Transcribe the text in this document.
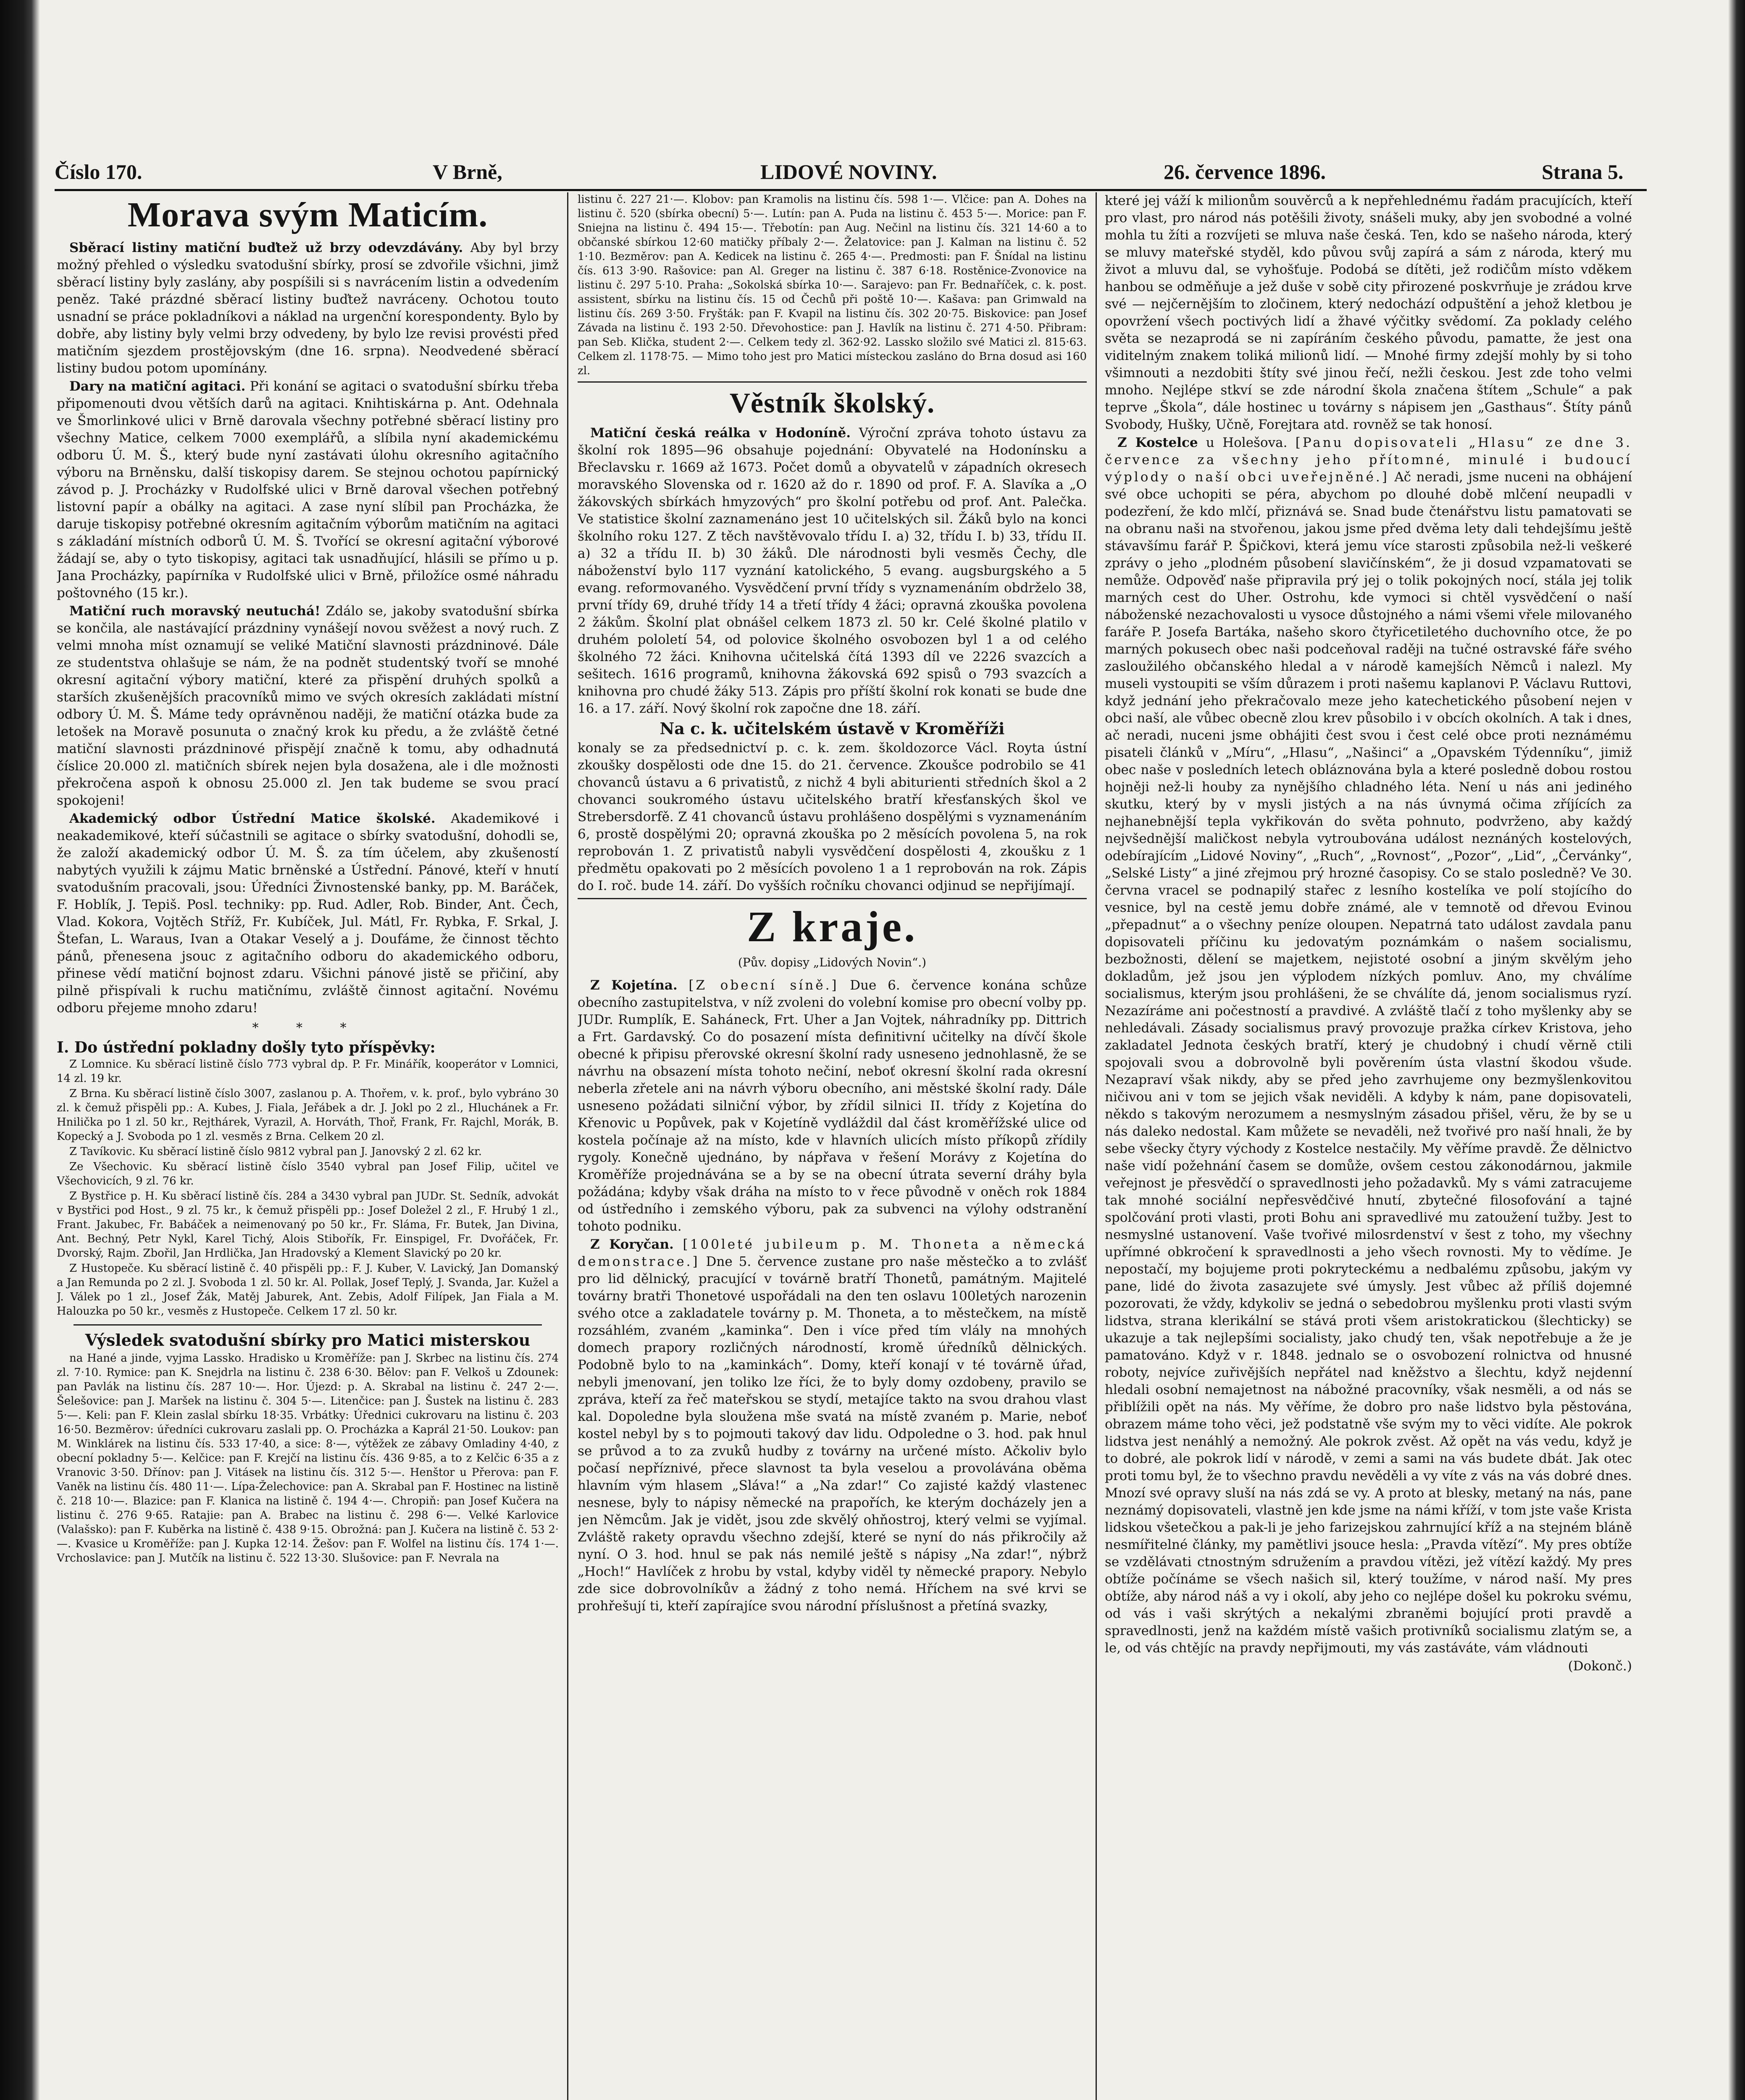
Číslo 170.	V Brně,	LIDOVÉ NOVINY.	26. července 1896.	Strana 5.
Morava svým Maticím.

Sběrací listiny matiční buďtež už brzy odevzdávány. Aby byl brzy možný přehled o výsledku svatodušní sbírky, prosí se zdvořile všichni, jimž sběrací listiny byly zaslány, aby pospíšili si s navrácením listin a odvedením peněz. Také prázdné sběrací listiny buďtež navráceny. Ochotou touto usnadní se práce pokladníkovi a náklad na urgenční korespondenty. Bylo by dobře, aby listiny byly velmi brzy odvedeny, by bylo lze revisi provésti před matičním sjezdem prostějovským (dne 16. srpna). Neodvedené sběrací listiny budou potom upomínány.

Dary na matiční agitaci. Při konání se agitaci o svatodušní sbírku třeba připomenouti dvou větších darů na agitaci. Knihtiskárna p. Ant. Odehnala ve Šmorlinkové ulici v Brně darovala všechny potřebné sběrací listiny pro všechny Matice, celkem 7000 exemplářů, a slíbila nyní akademickému odboru Ú. M. Š., který bude nyní zastávati úlohu okresního agitačního výboru na Brněnsku, další tiskopisy darem. Se stejnou ochotou papírnický závod p. J. Procházky v Rudolfské ulici v Brně daroval všechen potřebný listovní papír a obálky na agitaci. A zase nyní slíbil pan Procházka, že daruje tiskopisy potřebné okresním agitačním výborům matičním na agitaci s základání místních odborů Ú. M. Š. Tvořící se okresní agitační výborové žádají se, aby o tyto tiskopisy, agitaci tak usnadňující, hlásili se přímo u p. Jana Procházky, papírníka v Rudolfské ulici v Brně, přiložíce osmé náhradu poštovného (15 kr.).

Matiční ruch moravský neutuchá! Zdálo se, jakoby svatodušní sbírka se končila, ale nastávající prázdniny vynášejí novou svěžest a nový ruch. Z velmi mnoha míst oznamují se veliké Matiční slavnosti prázdninové. Dále ze studentstva ohlašuje se nám, že na podnět studentský tvoří se mnohé okresní agitační výbory matiční, které za přispění druhých spolků a starších zkušenějších pracovníků mimo ve svých okresích zakládati místní odbory Ú. M. Š. Máme tedy oprávněnou naději, že matiční otázka bude za letošek na Moravě posunuta o značný krok ku předu, a že zvláště četné matiční slavnosti prázdninové přispějí značně k tomu, aby odhadnutá číslice 20.000 zl. matičních sbírek nejen byla dosažena, ale i dle možnosti překročena aspoň k obnosu 25.000 zl. Jen tak budeme se svou prací spokojeni!

Akademický odbor Ústřední Matice školské. Akademikové i neakademikové, kteří súčastnili se agitace o sbírky svatodušní, dohodli se, že založí akademický odbor Ú. M. Š. za tím účelem, aby zkušeností nabytých využili k zájmu Matic brněnské a Ústřední. Pánové, kteří v hnutí svatodušním pracovali, jsou: Úředníci Živnostenské banky, pp. M. Baráček, F. Hoblík, J. Tepiš. Posl. techniky: pp. Rud. Adler, Rob. Binder, Ant. Čech, Vlad. Kokora, Vojtěch Stříž, Fr. Kubíček, Jul. Mátl, Fr. Rybka, F. Srkal, J. Štefan, L. Waraus, Ivan a Otakar Veselý a j. Doufáme, že činnost těchto pánů, přenesena jsouc z agitačního odboru do akademického odboru, přinese vědí matiční bojnost zdaru. Všichni pánové jistě se přičiní, aby pilně přispívali k ruchu matičnímu, zvláště činnost agitační. Novému odboru přejeme mnoho zdaru!

* * *

I. Do ústřední pokladny došly tyto příspěvky:

Z Lomnice. Ku sběrací listině číslo 773 vybral dp. P. Fr. Minářík, kooperátor v Lomnici, 14 zl. 19 kr.

Z Brna. Ku sběrací listině číslo 3007, zaslanou p. A. Thořem, v. k. prof., bylo vybráno 30 zl. k čemuž přispěli pp.: A. Kubes, J. Fiala, Jeřábek a dr. J. Jokl po 2 zl., Hluchánek a Fr. Hnilička po 1 zl. 50 kr., Rejthárek, Vyrazil, A. Horváth, Thoř, Frank, Fr. Rajchl, Morák, B. Kopecký a J. Svoboda po 1 zl. vesměs z Brna. Celkem 20 zl.

Z Tavíkovic. Ku sběrací listině číslo 9812 vybral pan J. Janovský 2 zl. 62 kr.

Ze Všechovic. Ku sběrací listině číslo 3540 vybral pan Josef Filip, učitel ve Všechovicích, 9 zl. 76 kr.

Z Bystřice p. H. Ku sběrací listině čís. 284 a 3430 vybral pan JUDr. St. Sedník, advokát v Bystřici pod Host., 9 zl. 75 kr., k čemuž přispěli pp.: Josef Doležel 2 zl., F. Hrubý 1 zl., Frant. Jakubec, Fr. Babáček a neimenovaný po 50 kr., Fr. Sláma, Fr. Butek, Jan Divina, Ant. Bechný, Petr Nykl, Karel Tichý, Alois Stibořík, Fr. Einspigel, Fr. Dvořáček, Fr. Dvorský, Rajm. Zbořil, Jan Hrdlička, Jan Hradovský a Klement Slavický po 20 kr.

Z Hustopeče. Ku sběrací listině č. 40 přispěli pp.: F. J. Kuber, V. Lavický, Jan Domanský a Jan Remunda po 2 zl. J. Svoboda 1 zl. 50 kr. Al. Pollak, Josef Teplý, J. Svanda, Jar. Kužel a J. Válek po 1 zl., Josef Žák, Matěj Jaburek, Ant. Zebis, Adolf Filípek, Jan Fiala a M. Halouzka po 50 kr., vesměs z Hustopeče. Celkem 17 zl. 50 kr.

Výsledek svatodušní sbírky pro Matici misterskou

na Hané a jinde, vyjma Lassko. Hradisko u Kroměříže: pan J. Skrbec na listinu čís. 274 zl. 7·10. Rymice: pan K. Snejdrla na listinu č. 238 6·30. Bělov: pan F. Velkoš u Zdounek: pan Pavlák na listinu čís. 287 10·—. Hor. Újezd: p. A. Skrabal na listinu č. 247 2·—. Šelešovice: pan J. Maršek na listinu č. 304 5·—. Litenčice: pan J. Šustek na listinu č. 283 5·—. Keli: pan F. Klein zaslal sbírku 18·35. Vrbátky: Úřednici cukrovaru na listinu č. 203 16·50. Bezměrov: úředníci cukrovaru zaslali pp. O. Procházka a Kaprál 21·50. Loukov: pan M. Winklárek na listinu čís. 533 17·40, a sice: 8·—, výtěžek ze zábavy Omladiny 4·40, z obecní pokladny 5·—. Kelčice: pan F. Krejčí na listinu čís. 436 9·85, a to z Kelčic 6·35 a z Vranovic 3·50. Dřínov: pan J. Vitásek na listinu čís. 312 5·—. Henštor u Přerova: pan F. Vaněk na listinu čís. 480 11·—. Lípa-Želechovice: pan A. Skrabal pan F. Hostinec na listině č. 218 10·—. Blazice: pan F. Klanica na listině č. 194 4·—. Chropiň: pan Josef Kučera na listinu č. 276 9·65. Ratajie: pan A. Brabec na listinu č. 298 6·—. Velké Karlovice (Valašsko): pan F. Kuběrka na listině č. 438 9·15. Obrožná: pan J. Kučera na listině č. 53 2·—. Kvasice u Kroměříže: pan J. Kupka 12·14. Žešov: pan F. Wolfel na listinu čís. 174 1·—. Vrchoslavice: pan J. Mutčík na listinu č. 522 13·30. Slušovice: pan F. Nevrala na

listinu č. 227 21·—. Klobov: pan Kramolis na listinu čís. 598 1·—. Vlčice: pan A. Dohes na listinu č. 520 (sbírka obecní) 5·—. Lutín: pan A. Puda na listinu č. 453 5·—. Morice: pan F. Sniejna na listinu č. 494 15·—. Třebotín: pan Aug. Nečinl na listinu čís. 321 14·60 a to občanské sbírkou 12·60 matičky příbaly 2·—. Želatovice: pan J. Kalman na listinu č. 52 1·10. Bezměrov: pan A. Kedicek na listinu č. 265 4·—. Predmosti: pan F. Šnídal na listinu čís. 613 3·90. Rašovice: pan Al. Greger na listinu č. 387 6·18. Rostěnice-Zvonovice na listinu č. 297 5·10. Praha: „Sokolská sbírka 10·—. Sarajevo: pan Fr. Bednaříček, c. k. post. assistent, sbírku na listinu čís. 15 od Čechů při poště 10·—. Kašava: pan Grimwald na listinu čís. 269 3·50. Fryšták: pan F. Kvapil na listinu čís. 302 20·75. Biskovice: pan Josef Závada na listinu č. 193 2·50. Dřevohostice: pan J. Havlík na listinu č. 271 4·50. Přibram: pan Seb. Klička, student 2·—. Celkem tedy zl. 362·92. Lassko složilo své Matici zl. 815·63. Celkem zl. 1178·75. — Mimo toho jest pro Matici místeckou zasláno do Brna dosud asi 160 zl.

Věstník školský.

Matiční česká reálka v Hodoníně. Výroční zpráva tohoto ústavu za školní rok 1895—96 obsahuje pojednání: Obyvatelé na Hodonínsku a Břeclavsku r. 1669 až 1673. Počet domů a obyvatelů v západních okresech moravského Slovenska od r. 1620 až do r. 1890 od prof. F. A. Slavíka a „O žákovských sbírkách hmyzových“ pro školní potřebu od prof. Ant. Palečka. Ve statistice školní zaznamenáno jest 10 učitelských sil. Žáků bylo na konci školního roku 127. Z těch navštěvovalo třídu I. a) 32, třídu I. b) 33, třídu II. a) 32 a třídu II. b) 30 žáků. Dle národnosti byli vesměs Čechy, dle náboženství bylo 117 vyznání katolického, 5 evang. augsburgského a 5 evang. reformovaného. Vysvědčení první třídy s vyznamenáním obdrželo 38, první třídy 69, druhé třídy 14 a třetí třídy 4 žáci; opravná zkouška povolena 2 žákům. Školní plat obnášel celkem 1873 zl. 50 kr. Celé školné platilo v druhém pololetí 54, od polovice školného osvobozen byl 1 a od celého školného 72 žáci. Knihovna učitelská čítá 1393 díl ve 2226 svazcích a sešitech. 1616 programů, knihovna žákovská 692 spisů o 793 svazcích a knihovna pro chudé žáky 513. Zápis pro příští školní rok konati se bude dne 16. a 17. září. Nový školní rok započne dne 18. září.

Na c. k. učitelském ústavě v Kroměříži

konaly se za předsednictví p. c. k. zem. školdozorce Václ. Royta ústní zkoušky dospělosti ode dne 15. do 21. července. Zkoušce podrobilo se 41 chovanců ústavu a 6 privatistů, z nichž 4 byli abiturienti středních škol a 2 chovanci soukromého ústavu učitelského bratří křesťanských škol ve Strebersdorfě. Z 41 chovanců ústavu prohlášeno dospělými s vyznamenáním 6, prostě dospělými 20; opravná zkouška po 2 měsících povolena 5, na rok reprobován 1. Z privatistů nabyli vysvědčení dospělosti 4, zkoušku z 1 předmětu opakovati po 2 měsících povoleno 1 a 1 reprobován na rok. Zápis do I. roč. bude 14. září. Do vyšších ročníku chovanci odjinud se nepřijímají.

Z kraje.
(Pův. dopisy „Lidových Novin“.)

Z Kojetína. [Z obecní síně.] Due 6. července konána schůze obecního zastupitelstva, v níž zvoleni do volební komise pro obecní volby pp. JUDr. Rumplík, E. Saháneck, Frt. Uher a Jan Vojtek, náhradníky pp. Dittrich a Frt. Gardavský. Co do posazení místa definitivní učitelky na dívčí škole obecné k připisu přerovské okresní školní rady usneseno jednohlasně, že se návrhu na obsazení místa tohoto nečiní, neboť okresní školní rada okresní neberla zřetele ani na návrh výboru obecního, ani městské školní rady. Dále usneseno požádati silniční výbor, by zřídil silnici II. třídy z Kojetína do Křenovic u Popůvek, pak v Kojetíně vydláždil dal část kroměřížské ulice od kostela počínaje až na místo, kde v hlavních ulicích místo příkopů zřídily rygoly. Konečně ujednáno, by nápřava v řešení Morávy z Kojetína do Kroměříže projednávána se a by se na obecní útrata severní dráhy byla požádána; kdyby však dráha na místo to v řece původně v oněch rok 1884 od ústředního i zemského výboru, pak za subvenci na výlohy odstranění tohoto podniku.

Z Koryčan. [100leté jubileum p. M. Thoneta a německá demonstrace.] Dne 5. července zustane pro naše městečko a to zvlášť pro lid dělnický, pracující v továrně bratří Thonetů, památným. Majitelé továrny bratři Thonetové uspořádali na den ten oslavu 100letých narozenin svého otce a zakladatele továrny p. M. Thoneta, a to městečkem, na místě rozsáhlém, zvaném „kaminka“. Den i více před tím vlály na mnohých domech prapory rozličných národností, kromě úředníků dělnických. Podobně bylo to na „kaminkách“. Domy, kteří konají v té továrně úřad, nebyli jmenovaní, jen toliko lze říci, že to byly domy ozdobeny, pravilo se zpráva, kteří za řeč mateřskou se stydí, metajíce takto na svou drahou vlast kal. Dopoledne byla sloužena mše svatá na místě zvaném p. Marie, neboť kostel nebyl by s to pojmouti takový dav lidu. Odpoledne o 3. hod. pak hnul se průvod a to za zvuků hudby z továrny na určené místo. Ačkoliv bylo počasí nepříznivé, přece slavnost ta byla veselou a provolávána oběma hlavním vým hlasem „Sláva!“ a „Na zdar!“ Co zajisté každý vlastenec nesnese, byly to nápisy německé na prapořích, ke kterým docházely jen a jen Němcům. Jak je vidět, jsou zde skvělý ohňostroj, který velmi se vyjímal. Zvláště rakety opravdu všechno zdejší, které se nyní do nás přikročily až nyní. O 3. hod. hnul se pak nás nemilé ještě s nápisy „Na zdar!“, nýbrž „Hoch!“ Havlíček z hrobu by vstal, kdyby viděl ty německé prapory. Nebylo zde sice dobrovolníkův a žádný z toho nemá. Hříchem na své krvi se prohřešují ti, kteří zapírajíce svou národní příslušnost a přetíná svazky,

které jej váží k milionům souvěrců a k nepřehlednému řadám pracujících, kteří pro vlast, pro národ nás potěšili životy, snášeli muky, aby jen svobodné a volné mohla tu žíti a rozvíjeti se mluva naše česká. Ten, kdo se našeho národa, který se mluvy mateřské styděl, kdo půvou svůj zapírá a sám z národa, který mu život a mluvu dal, se vyhošťuje. Podobá se dítěti, jež rodičům místo vděkem hanbou se odměňuje a jež duše v sobě city přirozené poskvrňuje je zrádou krve své — nejčernějším to zločinem, který nedochází odpuštění a jehož kletbou je opovržení všech poctivých lidí a žhavé výčitky svědomí. Za poklady celého světa se nezaprodá se ni zapíráním českého původu, pamatte, že jest ona viditelným znakem toliká milionů lidí. — Mnohé firmy zdejší mohly by si toho všimnouti a nezdobiti štíty své jinou řečí, nežli českou. Jest zde toho velmi mnoho. Nejlépe stkví se zde národní škola značena štítem „Schule“ a pak teprve „Škola“, dále hostinec u továrny s nápisem jen „Gasthaus“. Štíty pánů Svobody, Hušky, Učně, Forejtara atd. rovněž se tak honosí.

Z Kostelce u Holešova. [Panu dopisovateli „Hlasu“ ze dne 3. července za všechny jeho přítomné, minulé i budoucí výplody o naší obci uveřejněné.] Ač neradi, jsme nuceni na obhájení své obce uchopiti se péra, abychom po dlouhé době mlčení neupadli v podezření, že kdo mlčí, přiznává se. Snad bude čtenářstvu listu pamatovati se na obranu naši na stvořenou, jakou jsme před dvěma lety dali tehdejšímu ještě stávavšímu farář P. Špičkovi, která jemu více starosti způsobila než-li veškeré zprávy o jeho „plodném působení slavičínském“, že ji dosud vzpamatovati se nemůže. Odpověď naše připravila prý jej o tolik pokojných nocí, stála jej tolik marných cest do Uher. Ostrohu, kde vymoci si chtěl vysvědčení o naší náboženské nezachovalosti u vysoce důstojného a námi všemi vřele milovaného faráře P. Josefa Bartáka, našeho skoro čtyřicetiletého duchovního otce, že po marných pokusech obec naši podceňoval raději na tučné ostravské fáře svého zasloužilého občanského hledal a v národě kamejších Němců i nalezl. My museli vystoupiti se vším důrazem i proti našemu kaplanovi P. Václavu Ruttovi, když jednání jeho překračovalo meze jeho katechetického působení nejen v obci naší, ale vůbec obecně zlou krev působilo i v obcích okolních. A tak i dnes, ač neradi, nuceni jsme obhájiti čest svou i čest celé obce proti neznámému pisateli článků v „Míru“, „Hlasu“, „Našinci“ a „Opavském Týdenníku“, jimiž obec naše v posledních letech obláznována byla a které posledně dobou rostou hojněji než-li houby za nynějšího chladného léta. Není u nás ani jediného skutku, který by v mysli jistých a na nás úvnymá očima zříjících za nejhanebnější tepla vykřikován do světa pohnuto, podvrženo, aby každý nejvšednější maličkost nebyla vytroubována událost neznáných kostelových, odebírajícím „Lidové Noviny“, „Ruch“, „Rovnost“, „Pozor“, „Lid“, „Červánky“, „Selské Listy“ a jiné zřejmou prý hrozné časopisy. Co se stalo posledně? Ve 30. června vracel se podnapilý stařec z lesního kostelíka ve polí stojícího do vesnice, byl na cestě jemu dobře známé, ale v temnotě od dřevou Evinou „přepadnut“ a o všechny peníze oloupen. Nepatrná tato událost zavdala panu dopisovateli příčinu ku jedovatým poznámkám o našem socialismu, bezbožnosti, dělení se majetkem, nejistoté osobní a jiným skvělým jeho dokladům, jež jsou jen výplodem nízkých pomluv. Ano, my chválíme socialismus, kterým jsou prohlášeni, že se chválíte dá, jenom socialismus ryzí. Nezazíráme ani počestností a pravdivé. A zvláště tlačí z toho myšlenky aby se nehledávali. Zásady socialismus pravý provozuje pražka církev Kristova, jeho zakladatel Jednota českých bratří, který je chudobný i chudí věrně ctili spojovali svou a dobrovolně byli pověrením ústa vlastní škodou všude. Nezapraví však nikdy, aby se před jeho zavrhujeme ony bezmyšlenkovitou ničivou ani v tom se jejich však neviděli. A kdyby k nám, pane dopisovateli, někdo s takovým nerozumem a nesmyslným zásadou přišel, věru, že by se u nás daleko nedostal. Kam můžete se nevaděli, než tvořivé pro naší hnali, že by sebe všecky čtyry východy z Kostelce nestačily. My věříme pravdě. Že dělnictvo naše vidí požehnání časem se domůže, ovšem cestou zákonodárnou, jakmile veřejnost je přesvědčí o spravedlnosti jeho požadavků. My s vámi zatracujeme tak mnohé sociální nepřesvědčivé hnutí, zbytečné filosofování a tajné spolčování proti vlasti, proti Bohu ani spravedlivé mu zatoužení tužby. Jest to nesmyslné ustanovení. Vaše tvořivé milosrdenství v šest z toho, my všechny upřímné obkročení k spravedlnosti a jeho všech rovnosti. My to vědíme. Je nepostačí, my bojujeme proti pokryteckému a nedbalému způsobu, jakým vy pane, lidé do života zasazujete své úmysly. Jest vůbec až příliš dojemné pozorovati, že vždy, kdykoliv se jedná o sebedobrou myšlenku proti vlasti svým lidstva, strana klerikální se stává proti všem aristokratickou (šlechticky) se ukazuje a tak nejlepšími socialisty, jako chudý ten, však nepotřebuje a že je pamatováno. Když v r. 1848. jednalo se o osvobození rolnictva od hnusné roboty, nejvíce zuřivějších nepřátel nad kněžstvo a šlechtu, když nejdenní hledali osobní nemajetnost na nábožné pracovníky, však nesměli, a od nás se přiblížili opět na nás. My věříme, že dobro pro naše lidstvo byla pěstována, obrazem máme toho věci, jež podstatně vše svým my to věci vidíte. Ale pokrok lidstva jest nenáhlý a nemožný. Ale pokrok zvěst. Až opět na vás vedu, když je to dobré, ale pokrok lidí v národě, v zemi a sami na vás budete dbát. Jak otec proti tomu byl, že to všechno pravdu nevěděli a vy víte z vás na vás dobré dnes. Mnozí své opravy sluší na nás zdá se vy. A proto at blesky, metaný na nás, pane neznámý dopisovateli, vlastně jen kde jsme na námi kříží, v tom jste vaše Krista lidskou všetečkou a pak-li je jeho farizejskou zahrnující kříž a na stejném bláně nesmířitelné články, my pamětlivi jsouce hesla: „Pravda vítězí“. My pres obtíže se vzdělávati ctnostným sdružením a pravdou vítězi, jež vítězí každý. My pres obtíže počínáme se všech našich sil, který toužíme, v národ naší. My pres obtíže, aby národ náš a vy i okolí, aby jeho co nejlépe došel ku pokroku svému, od vás i vaši skrýtých a nekalými zbraněmi bojující proti pravdě a spravedlnosti, jenž na každém místě vašich protivníků socialismu zlatým se, a le, od vás chtějíc na pravdy nepřijmouti, my vás zastáváte, vám vládnouti

(Dokonč.)
